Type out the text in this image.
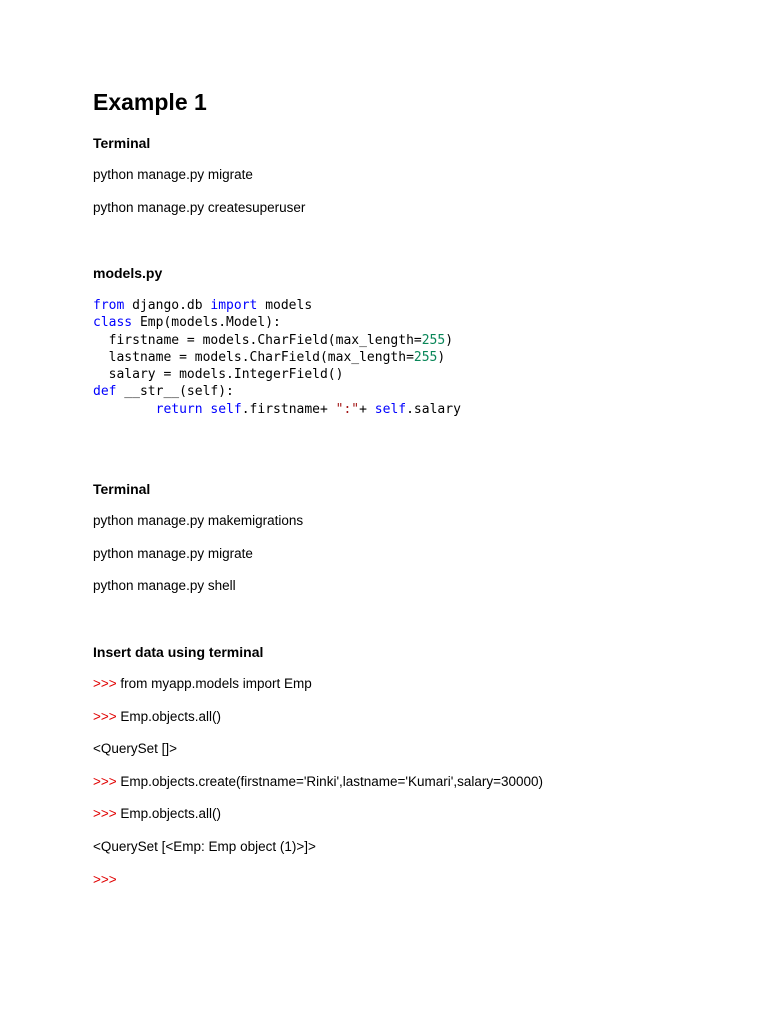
Example 1
Terminal
python manage.py migrate
python manage.py createsuperuser
models.py
from django.db import models
class Emp(models.Model):
firstname = models.CharField(max_length=255)
lastname = models.CharField(max_length=255)
salary = models.IntegerField()
def __str__(self):
return self.firstname+ ":"+ self.salary
Terminal
python manage.py makemigrations
python manage.py migrate
python manage.py shell
Insert data using terminal
>>> from myapp.models import Emp
>>> Emp.objects.all()
<QuerySet []>
>>> Emp.objects.create(firstname='Rinki',lastname='Kumari',salary=30000)
>>> Emp.objects.all()
<QuerySet [<Emp: Emp object (1)>]>
>>>
